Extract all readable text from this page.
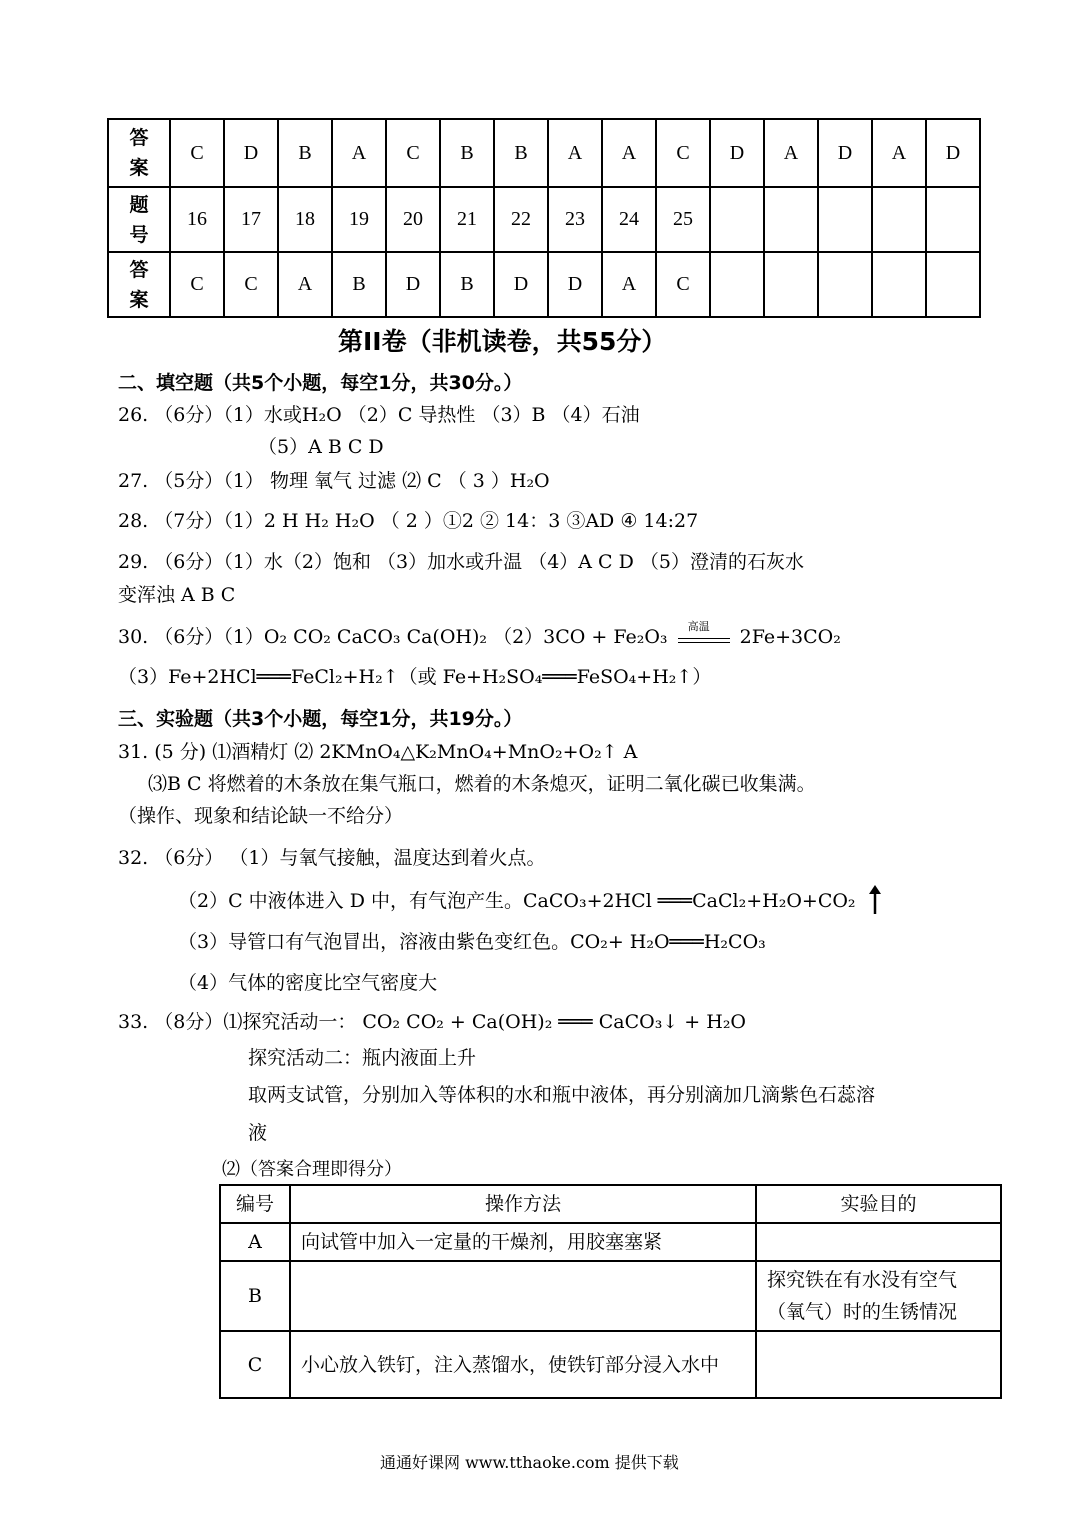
答
案	C	D	B	A	C	B	B	A	A	C	D	A	D	A	D
题
号	16	17	18	19	20	21	22	23	24	25					
答
案	C	C	A	B	D	B	D	D	A	C					
第II卷（非机读卷，共55分）
二、填空题（共5个小题，每空1分，共30分。）
26. （6分）（1）水或H₂O （2）C 导热性 （3）B （4）石油
（5）A B C D
27. （5分）（1） 物理 氧气 过滤 ⑵ C （ 3 ）H₂O
28. （7分）（1）2 H H₂ H₂O （ 2 ）①2 ② 14：3 ③AD ④ 14:27
29. （6分）（1）水（2）饱和 （3）加水或升温 （4）A C D （5）澄清的石灰水
变浑浊 A B C
30. （6分）（1）O₂ CO₂ CaCO₃ Ca(OH)₂ （2）3CO + Fe₂O₃ 高温 2Fe+3CO₂
（3）Fe+2HCl═══FeCl₂+H₂↑（或 Fe+H₂SO₄═══FeSO₄+H₂↑）
三、实验题（共3个小题，每空1分，共19分。）
31. (5 分) ⑴酒精灯 ⑵ 2KMnO₄△K₂MnO₄+MnO₂+O₂↑ A
⑶B C 将燃着的木条放在集气瓶口，燃着的木条熄灭，证明二氧化碳已收集满。
（操作、现象和结论缺一不给分）
32. （6分） （1）与氧气接触，温度达到着火点。
（2）C 中液体进入 D 中，有气泡产生。CaCO₃+2HCl ═══CaCl₂+H₂O+CO₂
（3）导管口有气泡冒出，溶液由紫色变红色。CO₂+ H₂O═══H₂CO₃
（4）气体的密度比空气密度大
33. （8分）⑴探究活动一： CO₂ CO₂ + Ca(OH)₂ ═══ CaCO₃↓ + H₂O
探究活动二：瓶内液面上升
取两支试管，分别加入等体积的水和瓶中液体，再分别滴加几滴紫色石蕊溶
液
⑵（答案合理即得分）
编号	操作方法	实验目的
A	向试管中加入一定量的干燥剂，用胶塞塞紧	
B		探究铁在有水没有空气（氧气）时的生锈情况
C	小心放入铁钉，注入蒸馏水，使铁钉部分浸入水中	
通通好课网 www.tthaoke.com 提供下载
